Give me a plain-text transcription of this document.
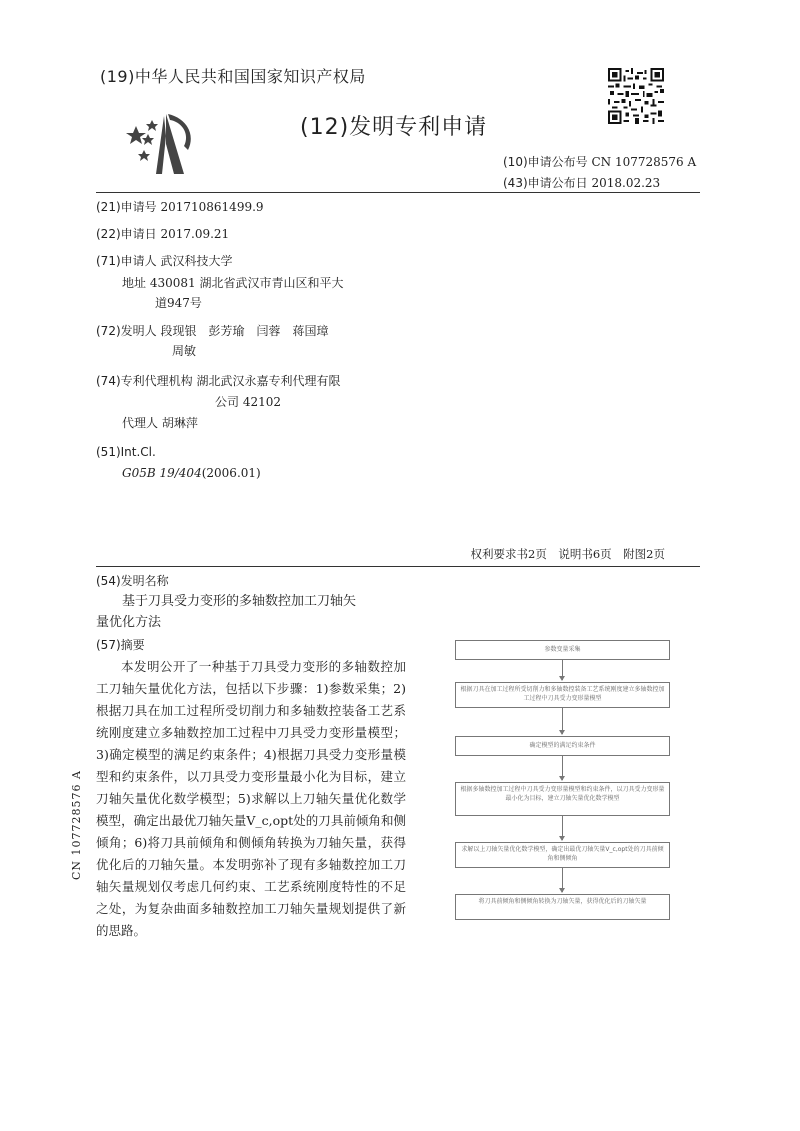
(19)中华人民共和国国家知识产权局
(12)发明专利申请
(10)申请公布号 CN 107728576 A
(43)申请公布日 2018.02.23
(21)申请号 201710861499.9
(22)申请日 2017.09.21
(71)申请人 武汉科技大学
地址 430081 湖北省武汉市青山区和平大
道947号
(72)发明人 段现银　彭芳瑜　闫蓉　蒋国璋
周敏
(74)专利代理机构 湖北武汉永嘉专利代理有限
公司 42102
代理人 胡琳萍
(51)Int.Cl.
G05B 19/404(2006.01)
权利要求书2页　说明书6页　附图2页
(54)发明名称
基于刀具受力变形的多轴数控加工刀轴矢
量优化方法
(57)摘要
本发明公开了一种基于刀具受力变形的多轴数控加工刀轴矢量优化方法，包括以下步骤：1)参数采集；2)根据刀具在加工过程所受切削力和多轴数控装备工艺系统刚度建立多轴数控加工过程中刀具受力变形量模型；3)确定模型的满足约束条件；4)根据刀具受力变形量模型和约束条件，以刀具受力变形量最小化为目标，建立刀轴矢量优化数学模型；5)求解以上刀轴矢量优化数学模型，确定出最优刀轴矢量V_c,opt处的刀具前倾角和侧倾角；6)将刀具前倾角和侧倾角转换为刀轴矢量，获得优化后的刀轴矢量。本发明弥补了现有多轴数控加工刀轴矢量规划仅考虑几何约束、工艺系统刚度特性的不足之处，为复杂曲面多轴数控加工刀轴矢量规划提供了新的思路。
CN 107728576 A
参数变量采集
根据刀具在加工过程所受切削力和多轴数控装备工艺系统刚度建立多轴数控加工过程中刀具受力变形量模型
确定模型的满足约束条件
根据多轴数控加工过程中刀具受力变形量模型和约束条件，以刀具受力变形量最小化为目标，建立刀轴矢量优化数学模型
求解以上刀轴矢量优化数学模型，确定出最优刀轴矢量V_c,opt处的刀具前倾角和侧倾角
将刀具前倾角和侧倾角转换为刀轴矢量，获得优化后的刀轴矢量
